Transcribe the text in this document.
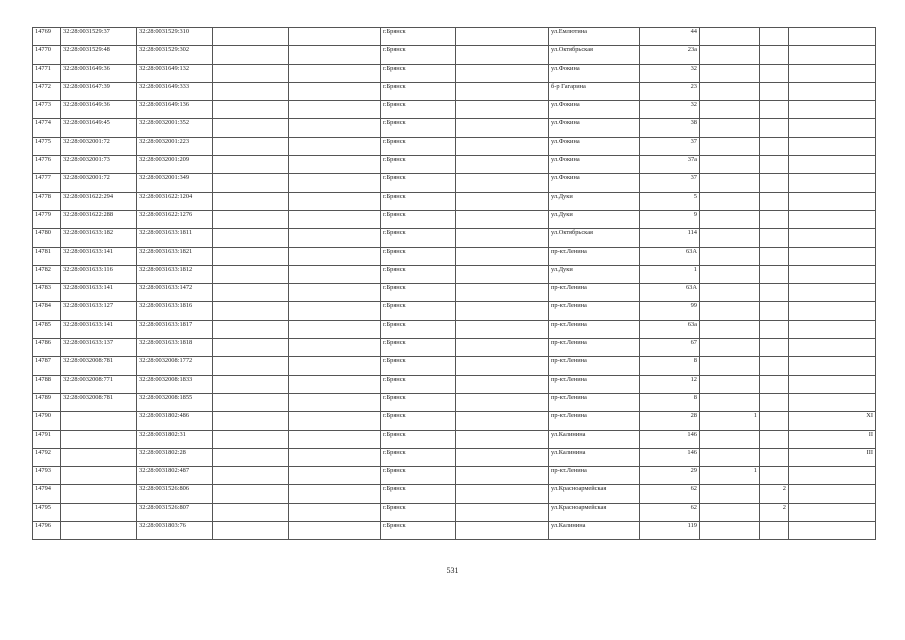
14769	32:28:0031529:37	32:28:0031529:310			г.Брянск		ул.Емлютина	44			
14770	32:28:0031529:48	32:28:0031529:302			г.Брянск		ул.Октябрьская	23а			
14771	32:28:0031649:36	32:28:0031649:132			г.Брянск		ул.Фокина	32			
14772	32:28:0031647:39	32:28:0031649:333			г.Брянск		б-р Гагарина	23			
14773	32:28:0031649:36	32:28:0031649:136			г.Брянск		ул.Фокина	32			
14774	32:28:0031649:45	32:28:0032001:352			г.Брянск		ул.Фокина	38			
14775	32:28:0032001:72	32:28:0032001:223			г.Брянск		ул.Фокина	37			
14776	32:28:0032001:73	32:28:0032001:209			г.Брянск		ул.Фокина	37а			
14777	32:28:0032001:72	32:28:0032001:349			г.Брянск		ул.Фокина	37			
14778	32:28:0031622:294	32:28:0031622:1204			г.Брянск		ул.Дуки	5			
14779	32:28:0031622:288	32:28:0031622:1276			г.Брянск		ул.Дуки	9			
14780	32:28:0031633:182	32:28:0031633:1811			г.Брянск		ул.Октябрьская	114			
14781	32:28:0031633:141	32:28:0031633:1821			г.Брянск		пр-кт.Ленина	63А			
14782	32:28:0031633:116	32:28:0031633:1812			г.Брянск		ул.Дуки	1			
14783	32:28:0031633:141	32:28:0031633:1472			г.Брянск		пр-кт.Ленина	63А			
14784	32:28:0031633:127	32:28:0031633:1816			г.Брянск		пр-кт.Ленина	99			
14785	32:28:0031633:141	32:28:0031633:1817			г.Брянск		пр-кт.Ленина	63а			
14786	32:28:0031633:137	32:28:0031633:1818			г.Брянск		пр-кт.Ленина	67			
14787	32:28:0032008:781	32:28:0032008:1772			г.Брянск		пр-кт.Ленина	8			
14788	32:28:0032008:771	32:28:0032008:1833			г.Брянск		пр-кт.Ленина	12			
14789	32:28:0032008:781	32:28:0032008:1855			г.Брянск		пр-кт.Ленина	8			
14790		32:28:0031802:486			г.Брянск		пр-кт.Ленина	28	1		XI
14791		32:28:0031802:31			г.Брянск		ул.Калинина	146			II
14792		32:28:0031802:28			г.Брянск		ул.Калинина	146			III
14793		32:28:0031802:487			г.Брянск		пр-кт.Ленина	29	1		
14794		32:28:0031526:806			г.Брянск		ул.Красноармейская	62		2	
14795		32:28:0031526:807			г.Брянск		ул.Красноармейская	62		2	
14796		32:28:0031803:76			г.Брянск		ул.Калинина	119			
531
